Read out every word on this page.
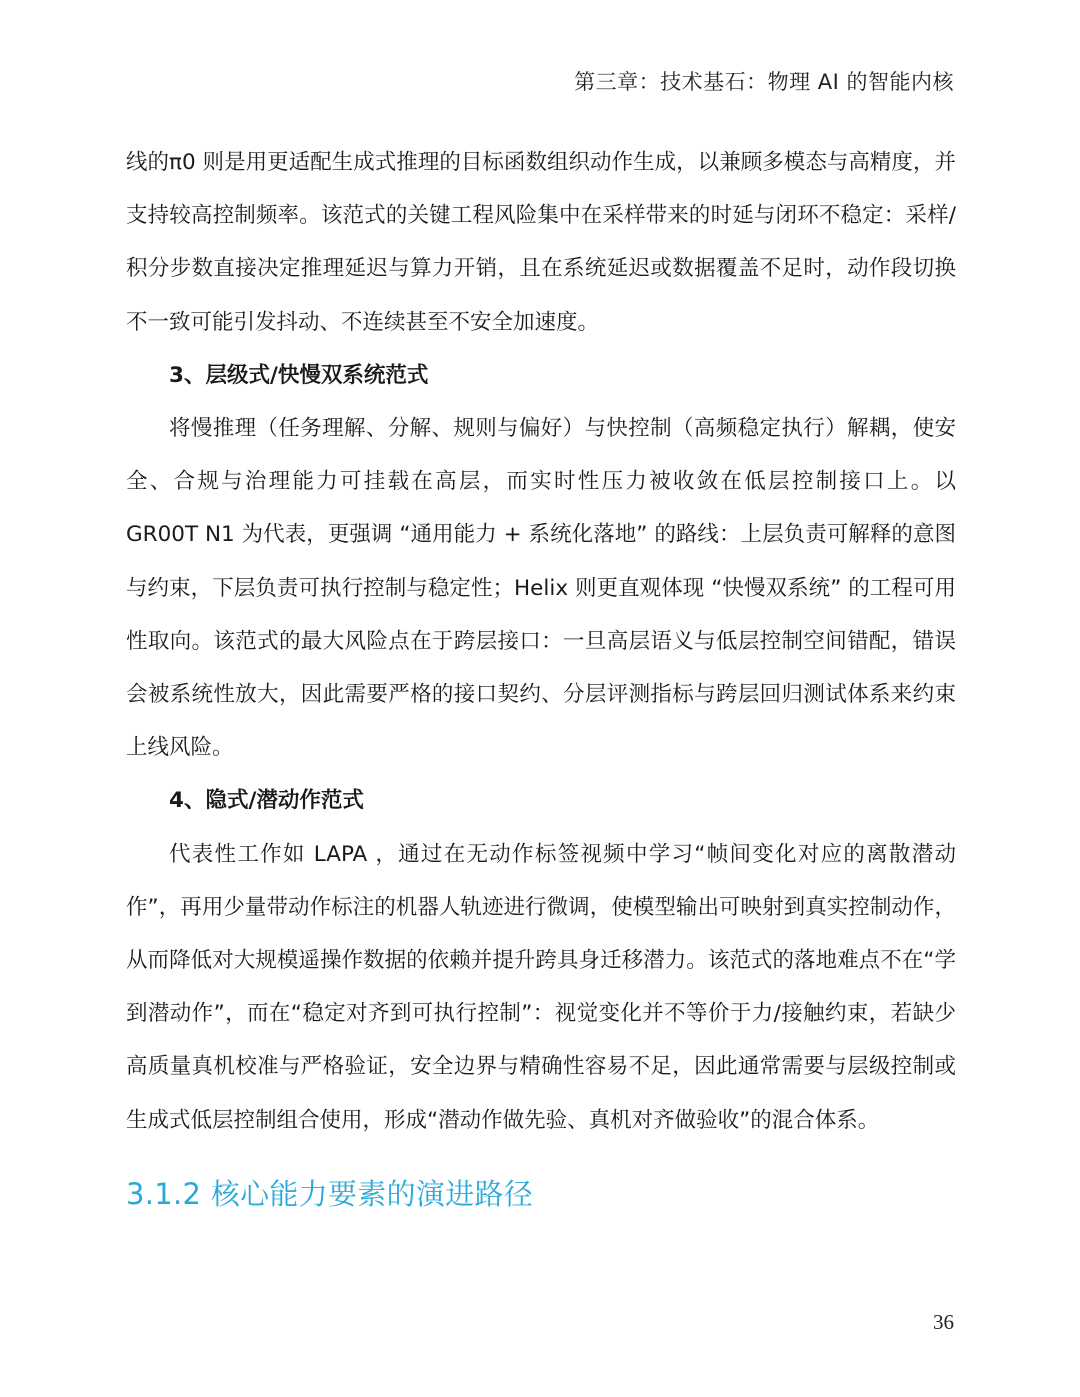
第三章：技术基石：物理 AI 的智能内核

线的π0 则是用更适配生成式推理的目标函数组织动作生成，以兼顾多模态与高精度，并支持较高控制频率。该范式的关键工程风险集中在采样带来的时延与闭环不稳定：采样/积分步数直接决定推理延迟与算力开销，且在系统延迟或数据覆盖不足时，动作段切换不一致可能引发抖动、不连续甚至不安全加速度。

3、层级式/快慢双系统范式

将慢推理（任务理解、分解、规则与偏好）与快控制（高频稳定执行）解耦，使安全、合规与治理能力可挂载在高层，而实时性压力被收敛在低层控制接口上。以 GR00T N1 为代表，更强调 “通用能力 + 系统化落地” 的路线：上层负责可解释的意图与约束，下层负责可执行控制与稳定性；Helix 则更直观体现 “快慢双系统” 的工程可用性取向。该范式的最大风险点在于跨层接口：一旦高层语义与低层控制空间错配，错误会被系统性放大，因此需要严格的接口契约、分层评测指标与跨层回归测试体系来约束上线风险。

4、隐式/潜动作范式

代表性工作如 LAPA ，通过在无动作标签视频中学习“帧间变化对应的离散潜动作”，再用少量带动作标注的机器人轨迹进行微调，使模型输出可映射到真实控制动作，从而降低对大规模遥操作数据的依赖并提升跨具身迁移潜力。该范式的落地难点不在“学到潜动作”，而在“稳定对齐到可执行控制”：视觉变化并不等价于力/接触约束，若缺少高质量真机校准与严格验证，安全边界与精确性容易不足，因此通常需要与层级控制或生成式低层控制组合使用，形成“潜动作做先验、真机对齐做验收”的混合体系。

3.1.2 核心能力要素的演进路径
36
